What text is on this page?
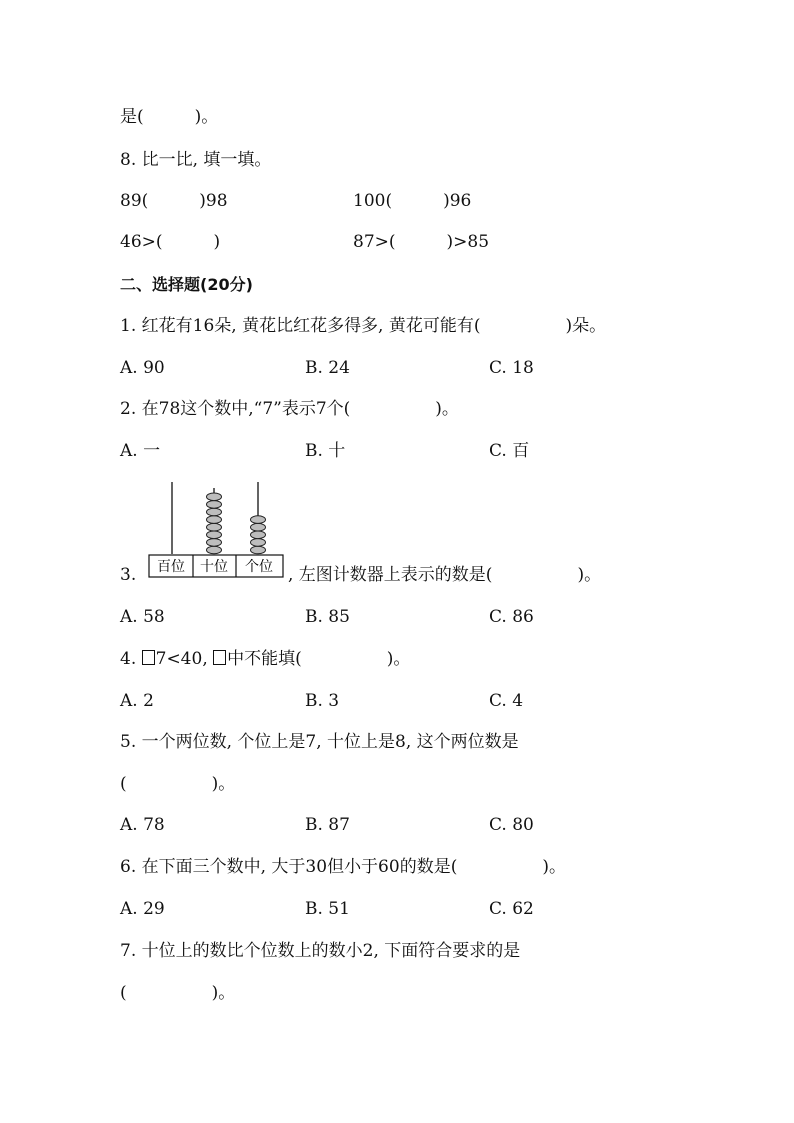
是(　　　)。
8. 比一比, 填一填。
89(　　　)98	100(　　　)96
46>(　　　)	87>(　　　)>85
二、选择题(20分)
1. 红花有16朵, 黄花比红花多得多, 黄花可能有(　　　　　)朵。
A. 90	B. 24	C. 18
2. 在78这个数中,“7”表示7个(　　　　　)。
A. 一	B. 十	C. 百
3. 百位 十位 个位 , 左图计数器上表示的数是(　　　　　)。
A. 58	B. 85	C. 86
4. 7<40, 中不能填(　　　　　)。
A. 2	B. 3	C. 4
5. 一个两位数, 个位上是7, 十位上是8, 这个两位数是
(　　　　　)。
A. 78	B. 87	C. 80
6. 在下面三个数中, 大于30但小于60的数是(　　　　　)。
A. 29	B. 51	C. 62
7. 十位上的数比个位数上的数小2, 下面符合要求的是
(　　　　　)。
